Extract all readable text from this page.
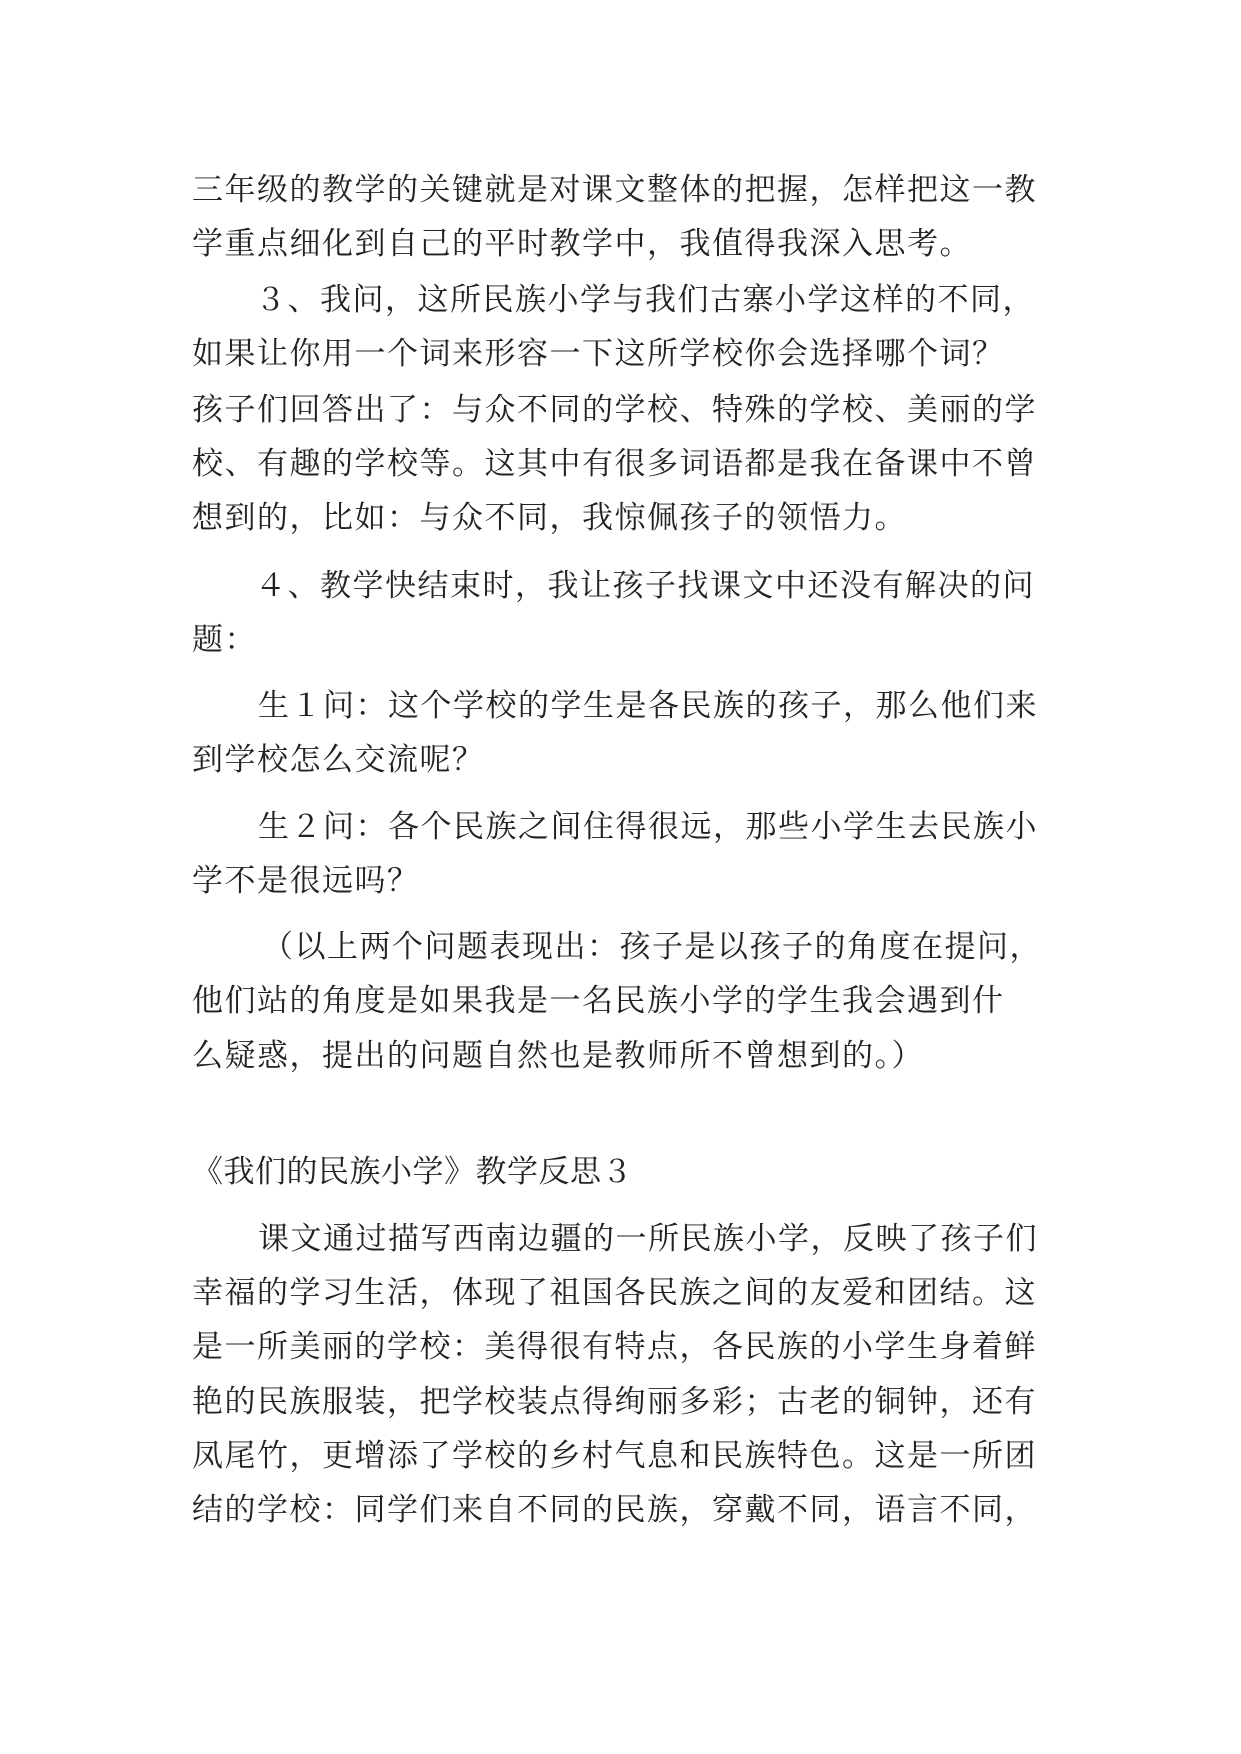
三年级的教学的关键就是对课文整体的把握，怎样把这一教
学重点细化到自己的平时教学中，我值得我深入思考。
３、我问，这所民族小学与我们古寨小学这样的不同，
如果让你用一个词来形容一下这所学校你会选择哪个词？
孩子们回答出了：与众不同的学校、特殊的学校、美丽的学
校、有趣的学校等。这其中有很多词语都是我在备课中不曾
想到的，比如：与众不同，我惊佩孩子的领悟力。
４、教学快结束时，我让孩子找课文中还没有解决的问
题：
生１问：这个学校的学生是各民族的孩子，那么他们来
到学校怎么交流呢？
生２问：各个民族之间住得很远，那些小学生去民族小
学不是很远吗？
（以上两个问题表现出：孩子是以孩子的角度在提问，
他们站的角度是如果我是一名民族小学的学生我会遇到什
么疑惑，提出的问题自然也是教师所不曾想到的。）
《我们的民族小学》教学反思３
课文通过描写西南边疆的一所民族小学，反映了孩子们
幸福的学习生活，体现了祖国各民族之间的友爱和团结。这
是一所美丽的学校：美得很有特点，各民族的小学生身着鲜
艳的民族服装，把学校装点得绚丽多彩；古老的铜钟，还有
凤尾竹，更增添了学校的乡村气息和民族特色。这是一所团
结的学校：同学们来自不同的民族，穿戴不同，语言不同，
